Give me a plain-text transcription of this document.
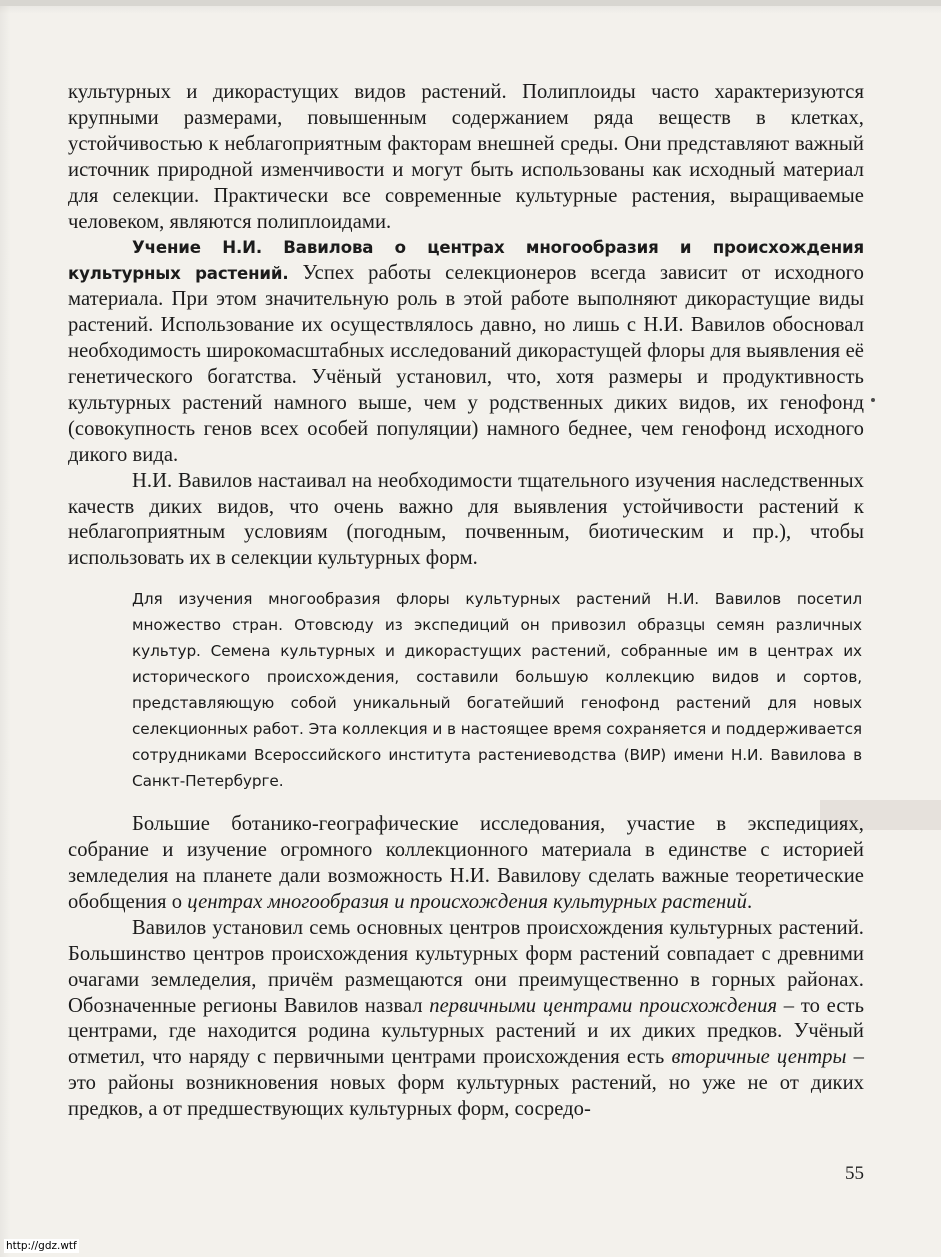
культурных и дикорастущих видов растений. Полиплоиды часто характеризуются крупными размерами, повышенным содержанием ряда веществ в клетках, устойчивостью к неблагоприятным факторам внешней среды. Они представляют важный источник природной изменчивости и могут быть использованы как исходный материал для селекции. Практически все современные культурные растения, выращиваемые человеком, являются полиплоидами.

Учение Н.И. Вавилова о центрах многообразия и происхождения культурных растений. Успех работы селекционеров всегда зависит от исходного материала. При этом значительную роль в этой работе выполняют дикорастущие виды растений. Использование их осуществлялось давно, но лишь с Н.И. Вавилов обосновал необходимость широкомасштабных исследований дикорастущей флоры для выявления её генетического богатства. Учёный установил, что, хотя размеры и продуктивность культурных растений намного выше, чем у родственных диких видов, их генофонд (совокупность генов всех особей популяции) намного беднее, чем генофонд исходного дикого вида.

Н.И. Вавилов настаивал на необходимости тщательного изучения наследственных качеств диких видов, что очень важно для выявления устойчивости растений к неблагоприятным условиям (погодным, почвенным, биотическим и пр.), чтобы использовать их в селекции культурных форм.

Для изучения многообразия флоры культурных растений Н.И. Вавилов посетил множество стран. Отовсюду из экспедиций он привозил образцы семян различных культур. Семена культурных и дикорастущих растений, собранные им в центрах их исторического происхождения, составили большую коллекцию видов и сортов, представляющую собой уникальный богатейший генофонд растений для новых селекционных работ. Эта коллекция и в настоящее время сохраняется и поддерживается сотрудниками Всероссийского института растениеводства (ВИР) имени Н.И. Вавилова в Санкт-Петербурге.

Большие ботанико-географические исследования, участие в экспедициях, собрание и изучение огромного коллекционного материала в единстве с историей земледелия на планете дали возможность Н.И. Вавилову сделать важные теоретические обобщения о центрах многообразия и происхождения культурных растений.

Вавилов установил семь основных центров происхождения культурных растений. Большинство центров происхождения культурных форм растений совпадает с древними очагами земледелия, причём размещаются они преимущественно в горных районах. Обозначенные регионы Вавилов назвал первичными центрами происхождения – то есть центрами, где находится родина культурных растений и их диких предков. Учёный отметил, что наряду с первичными центрами происхождения есть вторичные центры – это районы возникновения новых форм культурных растений, но уже не от диких предков, а от предшествующих культурных форм, сосредо-

55
http://gdz.wtf
